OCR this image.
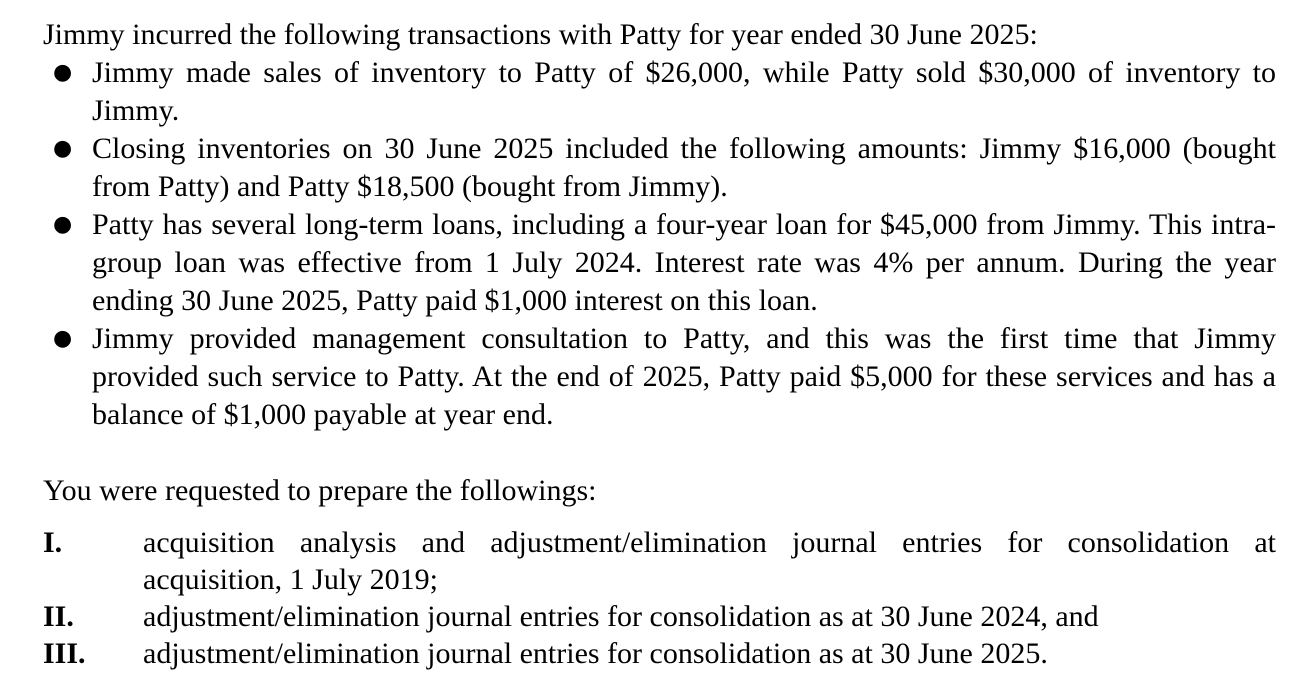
Jimmy incurred the following transactions with Patty for year ended 30 June 2025:

● Jimmy made sales of inventory to Patty of $26,000, while Patty sold $30,000 of inventory to Jimmy.
● Closing inventories on 30 June 2025 included the following amounts: Jimmy $16,000 (bought from Patty) and Patty $18,500 (bought from Jimmy).
● Patty has several long-term loans, including a four-year loan for $45,000 from Jimmy. This intra-group loan was effective from 1 July 2024. Interest rate was 4% per annum. During the year ending 30 June 2025, Patty paid $1,000 interest on this loan.
● Jimmy provided management consultation to Patty, and this was the first time that Jimmy provided such service to Patty. At the end of 2025, Patty paid $5,000 for these services and has a balance of $1,000 payable at year end.

You were requested to prepare the followings:

I.	acquisition analysis and adjustment/elimination journal entries for consolidation at acquisition, 1 July 2019;
II. adjustment/elimination journal entries for consolidation as at 30 June 2024, and
III. adjustment/elimination journal entries for consolidation as at 30 June 2025.
